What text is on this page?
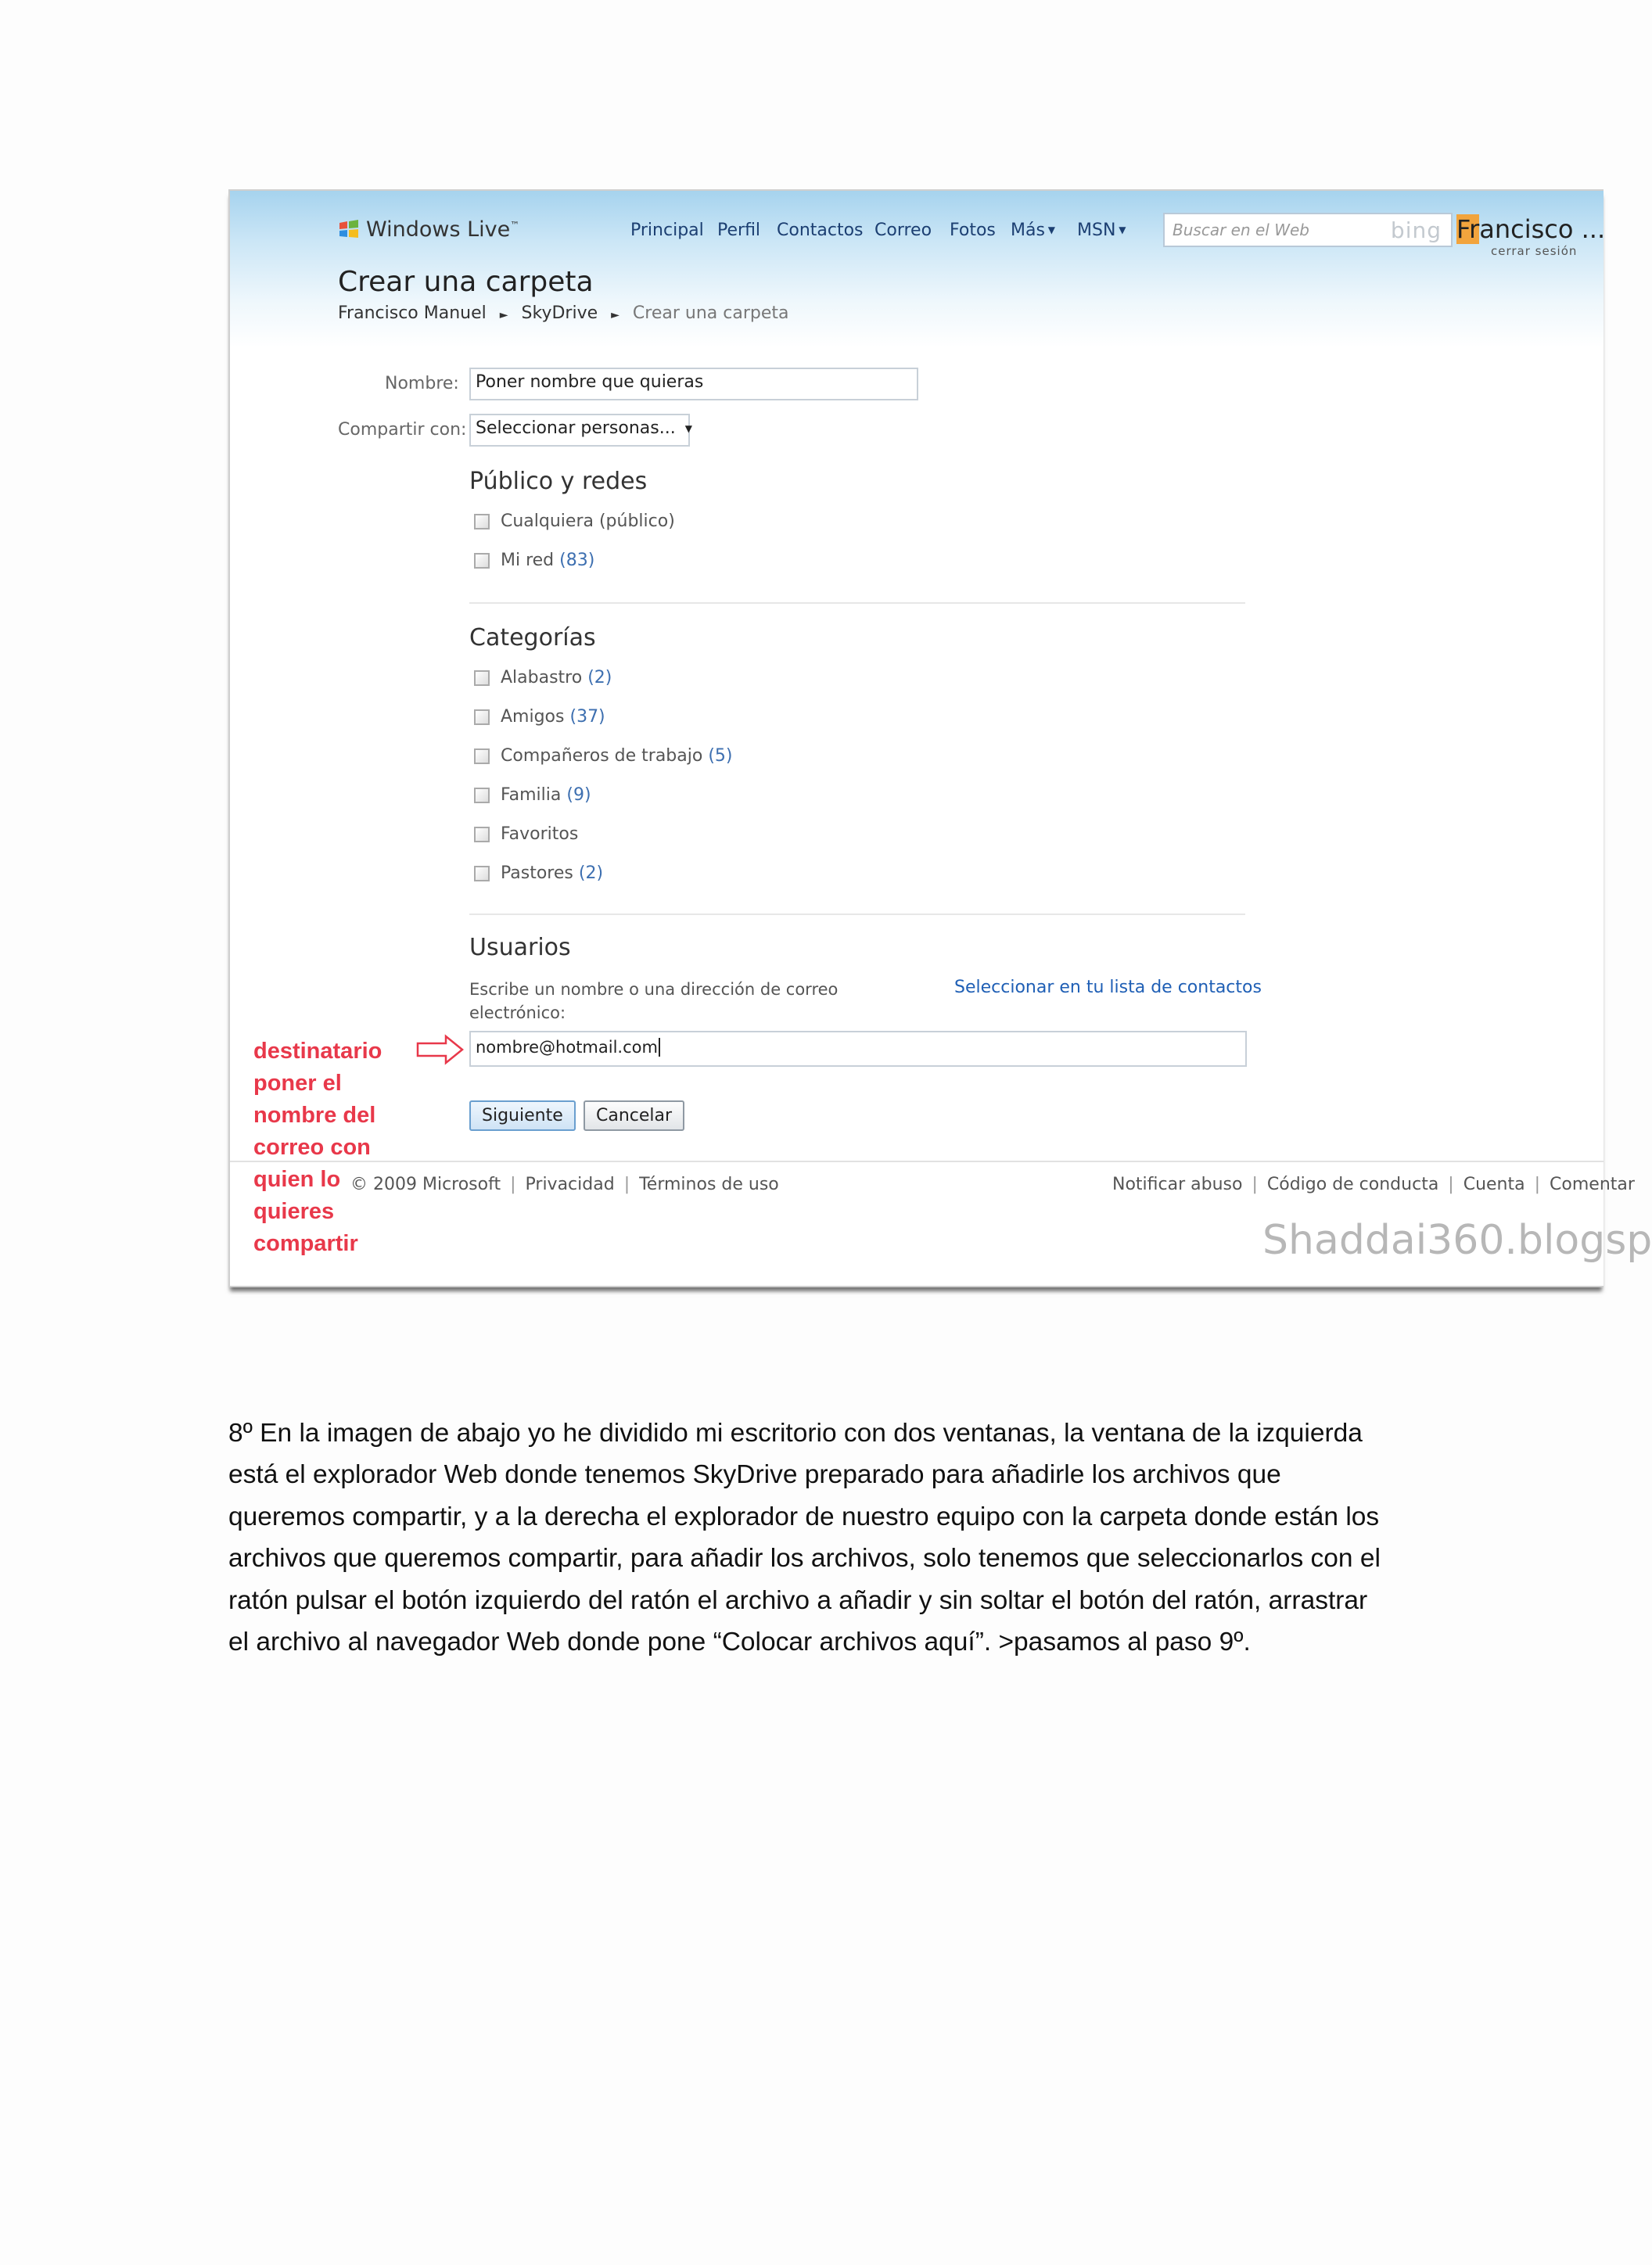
Windows Live™	Principal Perfil Contactos Correo Fotos Más ▼ MSN ▼	Buscar en el Web	bing Francisco ...
cerrar sesión
Crear una carpeta
Francisco Manuel ► SkyDrive ► Crear una carpeta
Nombre: Poner nombre que quieras
Compartir con: Seleccionar personas... ▼
Público y redes
Cualquiera (público)
Mi red (83)
Categorías
Alabastro (2)
Amigos (37)
Compañeros de trabajo (5)
Familia (9)
Favoritos
Pastores (2)
Usuarios
Escribe un nombre o una dirección de correo
electrónico:
Seleccionar en tu lista de contactos
nombre@hotmail.com
Siguiente	Cancelar
© 2009 Microsoft | Privacidad | Términos de uso	Notificar abuso | Código de conducta | Cuenta | Comentar
destinatario
poner el
nombre del
correo con
quien lo
quieres
compartir	Shaddai360.blogsp
8º En la imagen de abajo yo he dividido mi escritorio con dos ventanas, la ventana de la izquierda está el explorador Web donde tenemos SkyDrive preparado para añadirle los archivos que queremos compartir, y a la derecha el explorador de nuestro equipo con la carpeta donde están los archivos que queremos compartir, para añadir los archivos, solo tenemos que seleccionarlos con el ratón pulsar el botón izquierdo del ratón el archivo a añadir y sin soltar el botón del ratón, arrastrar el archivo al navegador Web donde pone “Colocar archivos aquí”. >pasamos al paso 9º.
